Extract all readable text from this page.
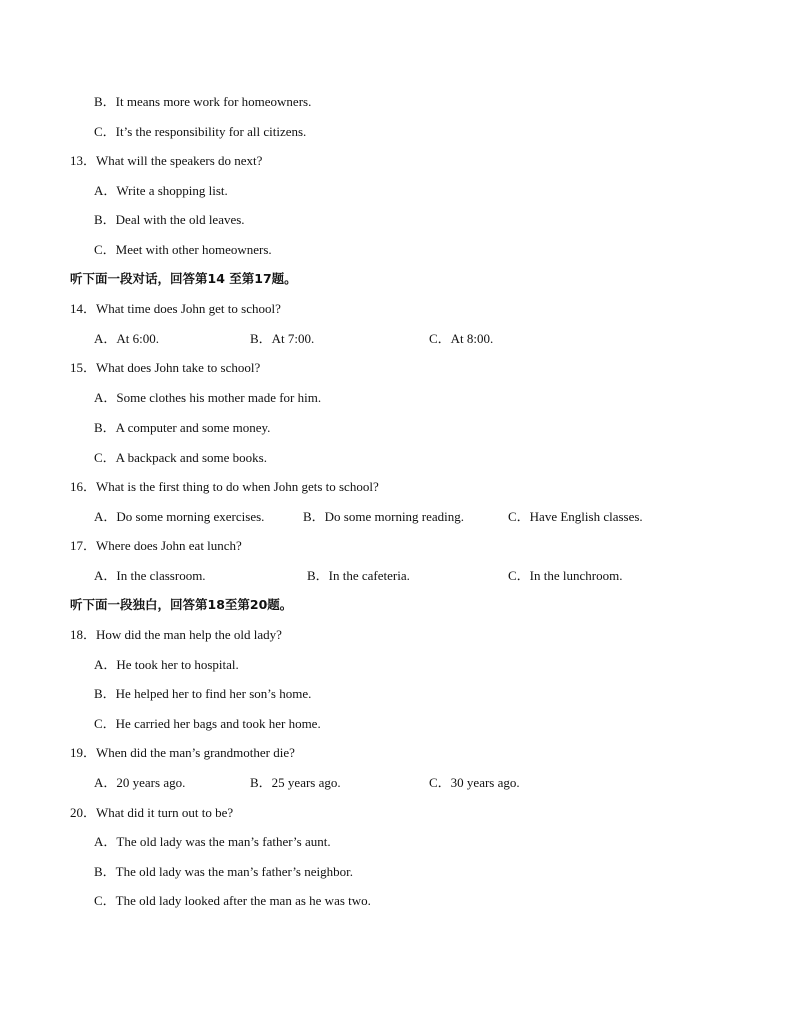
B．It means more work for homeowners.
C．It’s the responsibility for all citizens.
13．What will the speakers do next?
A．Write a shopping list.
B．Deal with the old leaves.
C．Meet with other homeowners.
听下面一段对话，回答第14 至第17题。
14．What time does John get to school?
A．At 6:00.	B．At 7:00.	C．At 8:00.
15．What does John take to school?
A．Some clothes his mother made for him.
B．A computer and some money.
C．A backpack and some books.
16．What is the first thing to do when John gets to school?
A．Do some morning exercises.	B．Do some morning reading.	C．Have English classes.
17．Where does John eat lunch?
A．In the classroom.	B．In the cafeteria.	C．In the lunchroom.
听下面一段独白，回答第18至第20题。
18．How did the man help the old lady?
A．He took her to hospital.
B．He helped her to find her son’s home.
C．He carried her bags and took her home.
19．When did the man’s grandmother die?
A．20 years ago.	B．25 years ago.	C．30 years ago.
20．What did it turn out to be?
A．The old lady was the man’s father’s aunt.
B．The old lady was the man’s father’s neighbor.
C．The old lady looked after the man as he was two.
